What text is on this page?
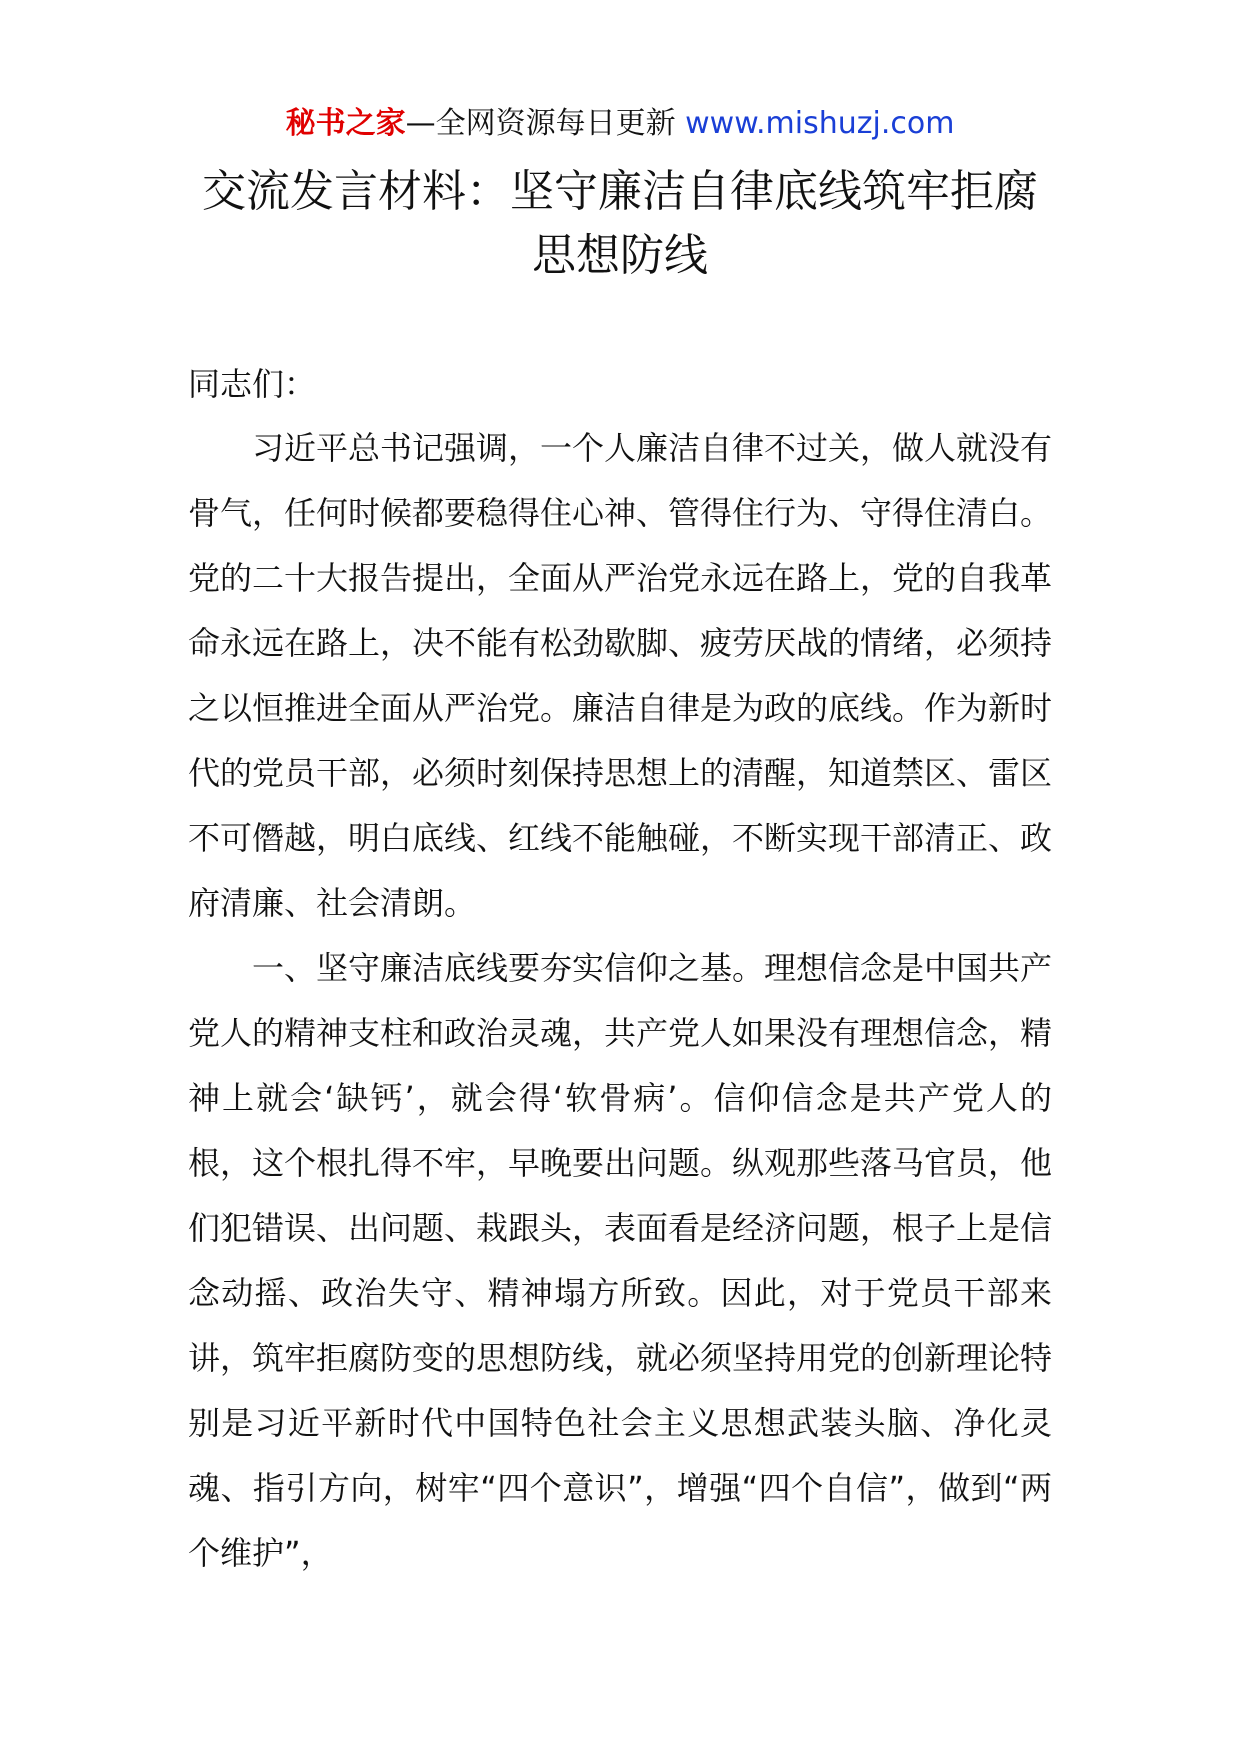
秘书之家—全网资源每日更新 www.mishuzj.com
交流发言材料：坚守廉洁自律底线筑牢拒腐思想防线

同志们：

习近平总书记强调，一个人廉洁自律不过关，做人就没有骨气，任何时候都要稳得住心神、管得住行为、守得住清白。党的二十大报告提出，全面从严治党永远在路上，党的自我革命永远在路上，决不能有松劲歇脚、疲劳厌战的情绪，必须持之以恒推进全面从严治党。廉洁自律是为政的底线。作为新时代的党员干部，必须时刻保持思想上的清醒，知道禁区、雷区不可僭越，明白底线、红线不能触碰，不断实现干部清正、政府清廉、社会清朗。

一、坚守廉洁底线要夯实信仰之基。理想信念是中国共产党人的精神支柱和政治灵魂，共产党人如果没有理想信念，精神上就会‘缺钙’，就会得‘软骨病’。信仰信念是共产党人的根，这个根扎得不牢，早晚要出问题。纵观那些落马官员，他们犯错误、出问题、栽跟头，表面看是经济问题，根子上是信念动摇、政治失守、精神塌方所致。因此，对于党员干部来讲，筑牢拒腐防变的思想防线，就必须坚持用党的创新理论特别是习近平新时代中国特色社会主义思想武装头脑、净化灵魂、指引方向，树牢“四个意识”，增强“四个自信”，做到“两个维护”，
